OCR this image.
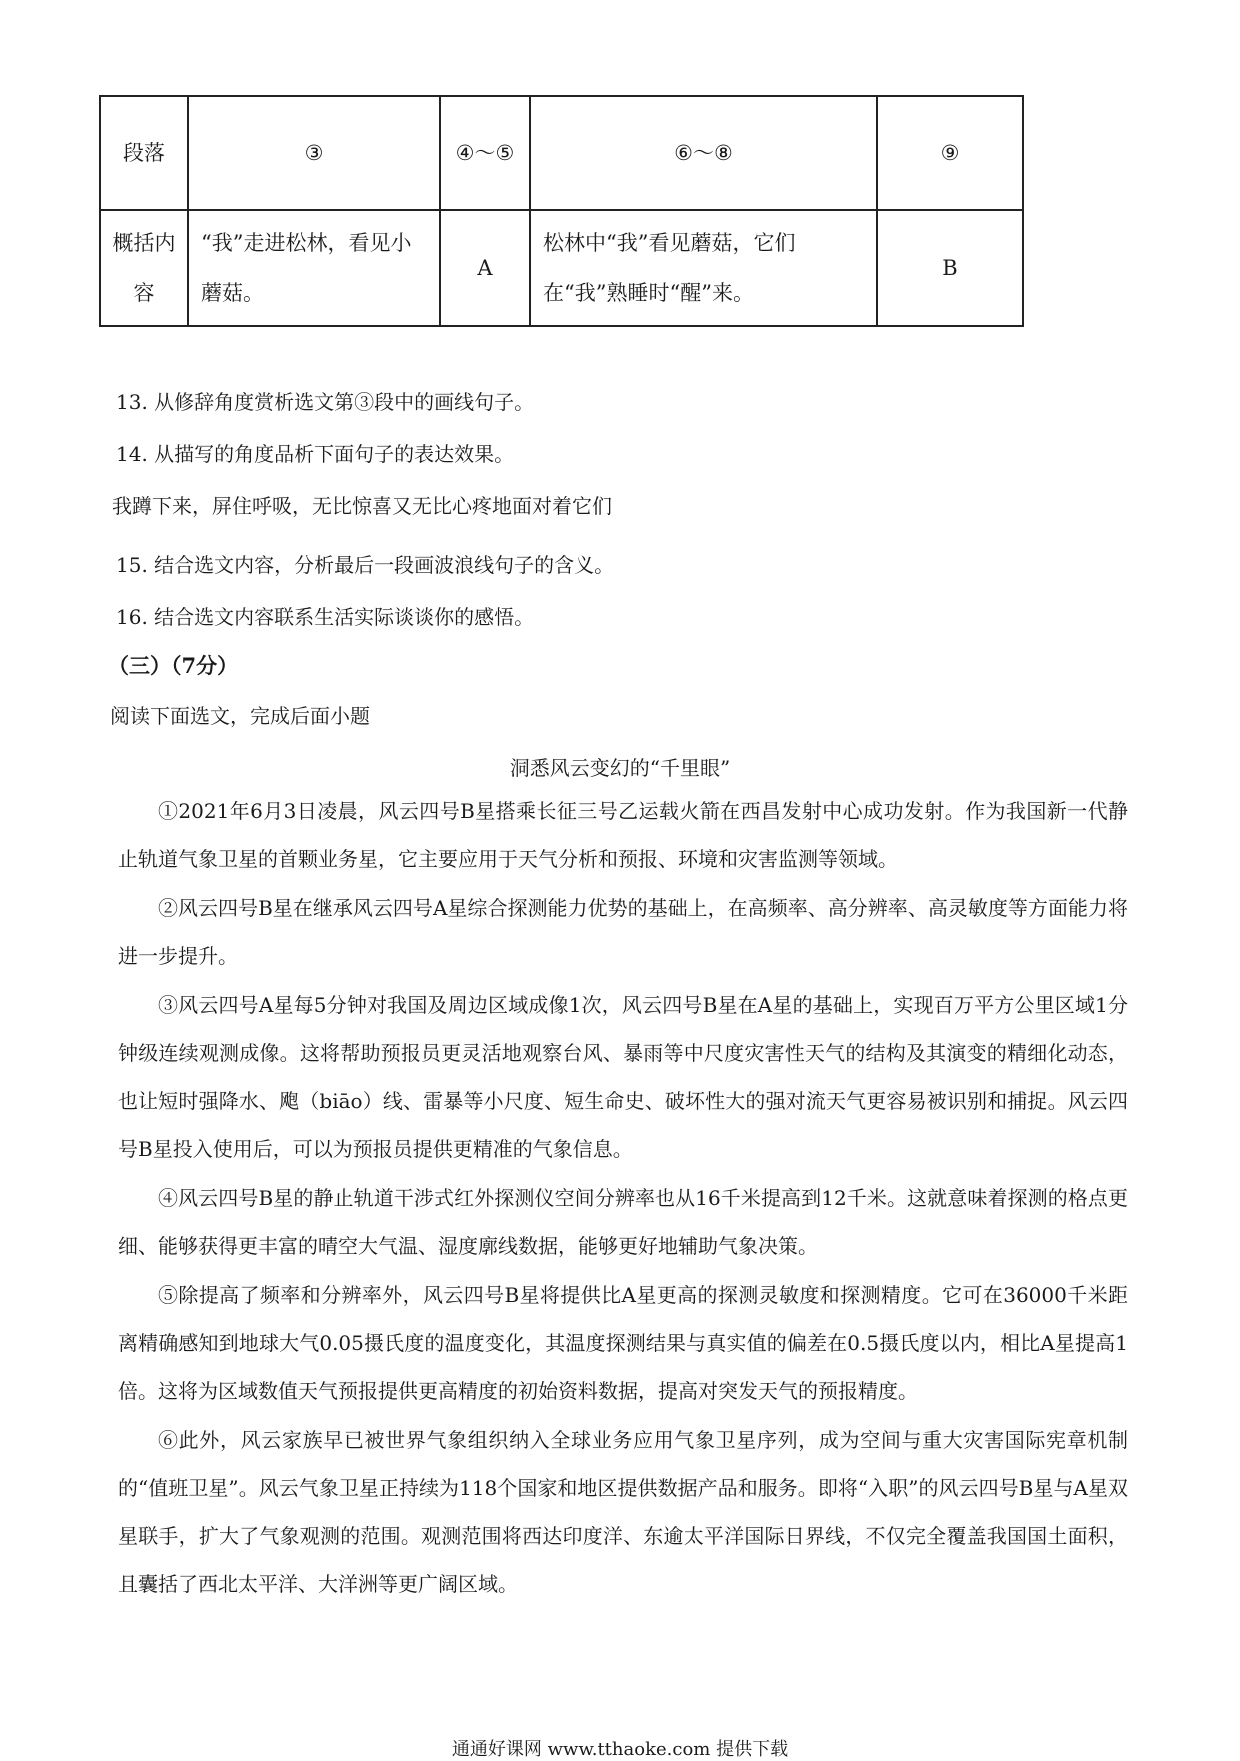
段落	③	④～⑤	⑥～⑧	⑨
概括内容	“我”走进松林，看见小蘑菇。	A	松林中“我”看见蘑菇，它们在“我”熟睡时“醒”来。	B
13. 从修辞角度赏析选文第③段中的画线句子。
14. 从描写的角度品析下面句子的表达效果。
我蹲下来，屏住呼吸，无比惊喜又无比心疼地面对着它们
15. 结合选文内容，分析最后一段画波浪线句子的含义。
16. 结合选文内容联系生活实际谈谈你的感悟。
（三）（7分）
阅读下面选文，完成后面小题
洞悉风云变幻的“千里眼”

①2021年6月3日凌晨，风云四号B星搭乘长征三号乙运载火箭在西昌发射中心成功发射。作为我国新一代静止轨道气象卫星的首颗业务星，它主要应用于天气分析和预报、环境和灾害监测等领域。

②风云四号B星在继承风云四号A星综合探测能力优势的基础上，在高频率、高分辨率、高灵敏度等方面能力将进一步提升。

③风云四号A星每5分钟对我国及周边区域成像1次，风云四号B星在A星的基础上，实现百万平方公里区域1分钟级连续观测成像。这将帮助预报员更灵活地观察台风、暴雨等中尺度灾害性天气的结构及其演变的精细化动态，也让短时强降水、飑（biāo）线、雷暴等小尺度、短生命史、破坏性大的强对流天气更容易被识别和捕捉。风云四号B星投入使用后，可以为预报员提供更精准的气象信息。

④风云四号B星的静止轨道干涉式红外探测仪空间分辨率也从16千米提高到12千米。这就意味着探测的格点更细、能够获得更丰富的晴空大气温、湿度廓线数据，能够更好地辅助气象决策。

⑤除提高了频率和分辨率外，风云四号B星将提供比A星更高的探测灵敏度和探测精度。它可在36000千米距离精确感知到地球大气0.05摄氏度的温度变化，其温度探测结果与真实值的偏差在0.5摄氏度以内，相比A星提高1倍。这将为区域数值天气预报提供更高精度的初始资料数据，提高对突发天气的预报精度。

⑥此外，风云家族早已被世界气象组织纳入全球业务应用气象卫星序列，成为空间与重大灾害国际宪章机制的“值班卫星”。风云气象卫星正持续为118个国家和地区提供数据产品和服务。即将“入职”的风云四号B星与A星双星联手，扩大了气象观测的范围。观测范围将西达印度洋、东逾太平洋国际日界线，不仅完全覆盖我国国土面积，且囊括了西北太平洋、大洋洲等更广阔区域。

通通好课网 www.tthaoke.com 提供下载
